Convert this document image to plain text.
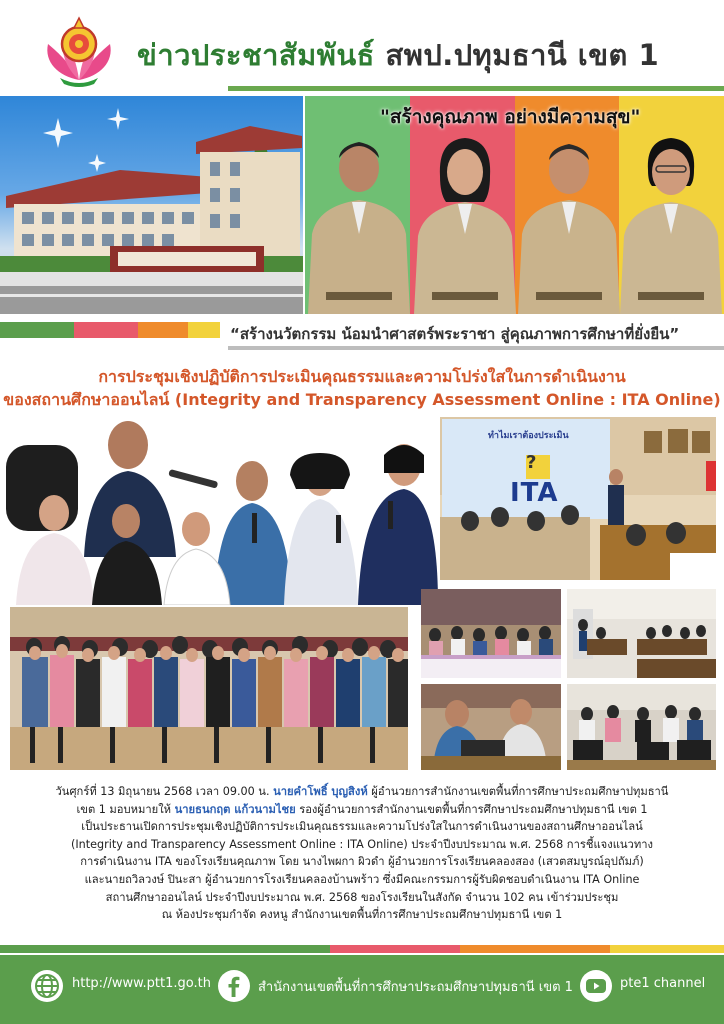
ข่าวประชาสัมพันธ์ สพป.ปทุมธานี เขต 1
"สร้างคุณภาพ อย่างมีความสุข"
“สร้างนวัตกรรม น้อมนำศาสตร์พระราชา สู่คุณภาพการศึกษาที่ยั่งยืน”
การประชุมเชิงปฏิบัติการประเมินคุณธรรมและความโปร่งใสในการดำเนินงาน
ของสถานศึกษาออนไลน์ (Integrity and Transparency Assessment Online : ITA Online)
ทำไมเราต้องประเมิน
?
ITA
วันศุกร์ที่ 13 มิถุนายน 2568 เวลา 09.00 น. นายคำโพธิ์ บุญสิงห์ ผู้อำนวยการสำนักงานเขตพื้นที่การศึกษาประถมศึกษาปทุมธานี
เขต 1 มอบหมายให้ นายธนกฤต แก้วนามไชย รองผู้อำนวยการสำนักงานเขตพื้นที่การศึกษาประถมศึกษาปทุมธานี เขต 1
เป็นประธานเปิดการประชุมเชิงปฏิบัติการประเมินคุณธรรมและความโปร่งใสในการดำเนินงานของสถานศึกษาออนไลน์
(Integrity and Transparency Assessment Online : ITA Online) ประจำปีงบประมาณ พ.ศ. 2568 การชี้แจงแนวทาง
การดำเนินงาน ITA ของโรงเรียนคุณภาพ โดย นางไพผกา ผิวดำ ผู้อำนวยการโรงเรียนคลองสอง (เสวตสมบูรณ์อุปถัมภ์)
และนายถวิลวงษ์ ปินะสา ผู้อำนวยการโรงเรียนคลองบ้านพร้าว ซึ่งมีคณะกรรมการผู้รับผิดชอบดำเนินงาน ITA Online
สถานศึกษาออนไลน์ ประจำปีงบประมาณ พ.ศ. 2568 ของโรงเรียนในสังกัด จำนวน 102 คน เข้าร่วมประชุม
ณ ห้องประชุมกำจัด คงหนู สำนักงานเขตพื้นที่การศึกษาประถมศึกษาปทุมธานี เขต 1
http://www.ptt1.go.th	สำนักงานเขตพื้นที่การศึกษาประถมศึกษาปทุมธานี เขต 1	pte1 channel
